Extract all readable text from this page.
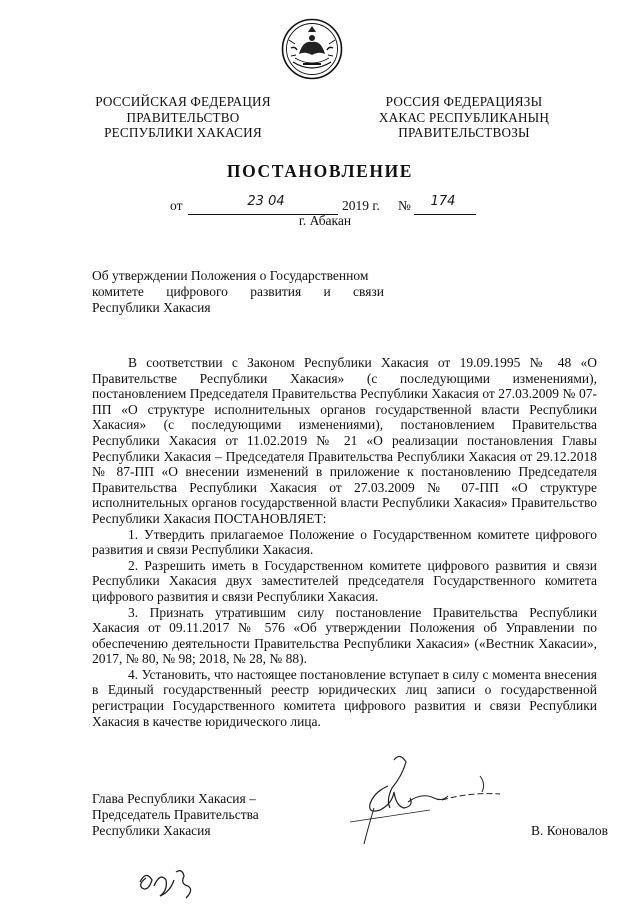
РОССИЙСКАЯ ФЕДЕРАЦИЯ
ПРАВИТЕЛЬСТВО
РЕСПУБЛИКИ ХАКАСИЯ
РОССИЯ ФЕДЕРАЦИЯЗЫ
ХАКАС РЕСПУБЛИКАНЫҢ
ПРАВИТЕЛЬСТВОЗЫ
ПОСТАНОВЛЕНИЕ
от	23 04	2019 г. №	174
г. Абакан
Об утверждении Положения о Государственном
комитете цифрового развития и связи
Республики Хакасия

В соответствии с Законом Республики Хакасия от 19.09.1995 № 48 «О Правительстве Республики Хакасия» (с последующими изменениями), постановлением Председателя Правительства Республики Хакасия от 27.03.2009 № 07-ПП «О структуре исполнительных органов государственной власти Республики Хакасия» (с последующими изменениями), постановлением Правительства Республики Хакасия от 11.02.2019 № 21 «О реализации постановления Главы Республики Хакасия – Председателя Правительства Республики Хакасия от 29.12.2018 № 87-ПП «О внесении изменений в приложение к постановлению Председателя Правительства Республики Хакасия от 27.03.2009 № 07-ПП «О структуре исполнительных органов государственной власти Республики Хакасия» Правительство Республики Хакасия ПОСТАНОВЛЯЕТ:

1. Утвердить прилагаемое Положение о Государственном комитете цифрового развития и связи Республики Хакасия.

2. Разрешить иметь в Государственном комитете цифрового развития и связи Республики Хакасия двух заместителей председателя Государственного комитета цифрового развития и связи Республики Хакасия.

3. Признать утратившим силу постановление Правительства Республики Хакасия от 09.11.2017 № 576 «Об утверждении Положения об Управлении по обеспечению деятельности Правительства Республики Хакасия» («Вестник Хакасии», 2017, № 80, № 98; 2018, № 28, № 88).

4. Установить, что настоящее постановление вступает в силу с момента внесения в Единый государственный реестр юридических лиц записи о государственной регистрации Государственного комитета цифрового развития и связи Республики Хакасия в качестве юридического лица.

Глава Республики Хакасия –
Председатель Правительства
Республики Хакасия	В. Коновалов
